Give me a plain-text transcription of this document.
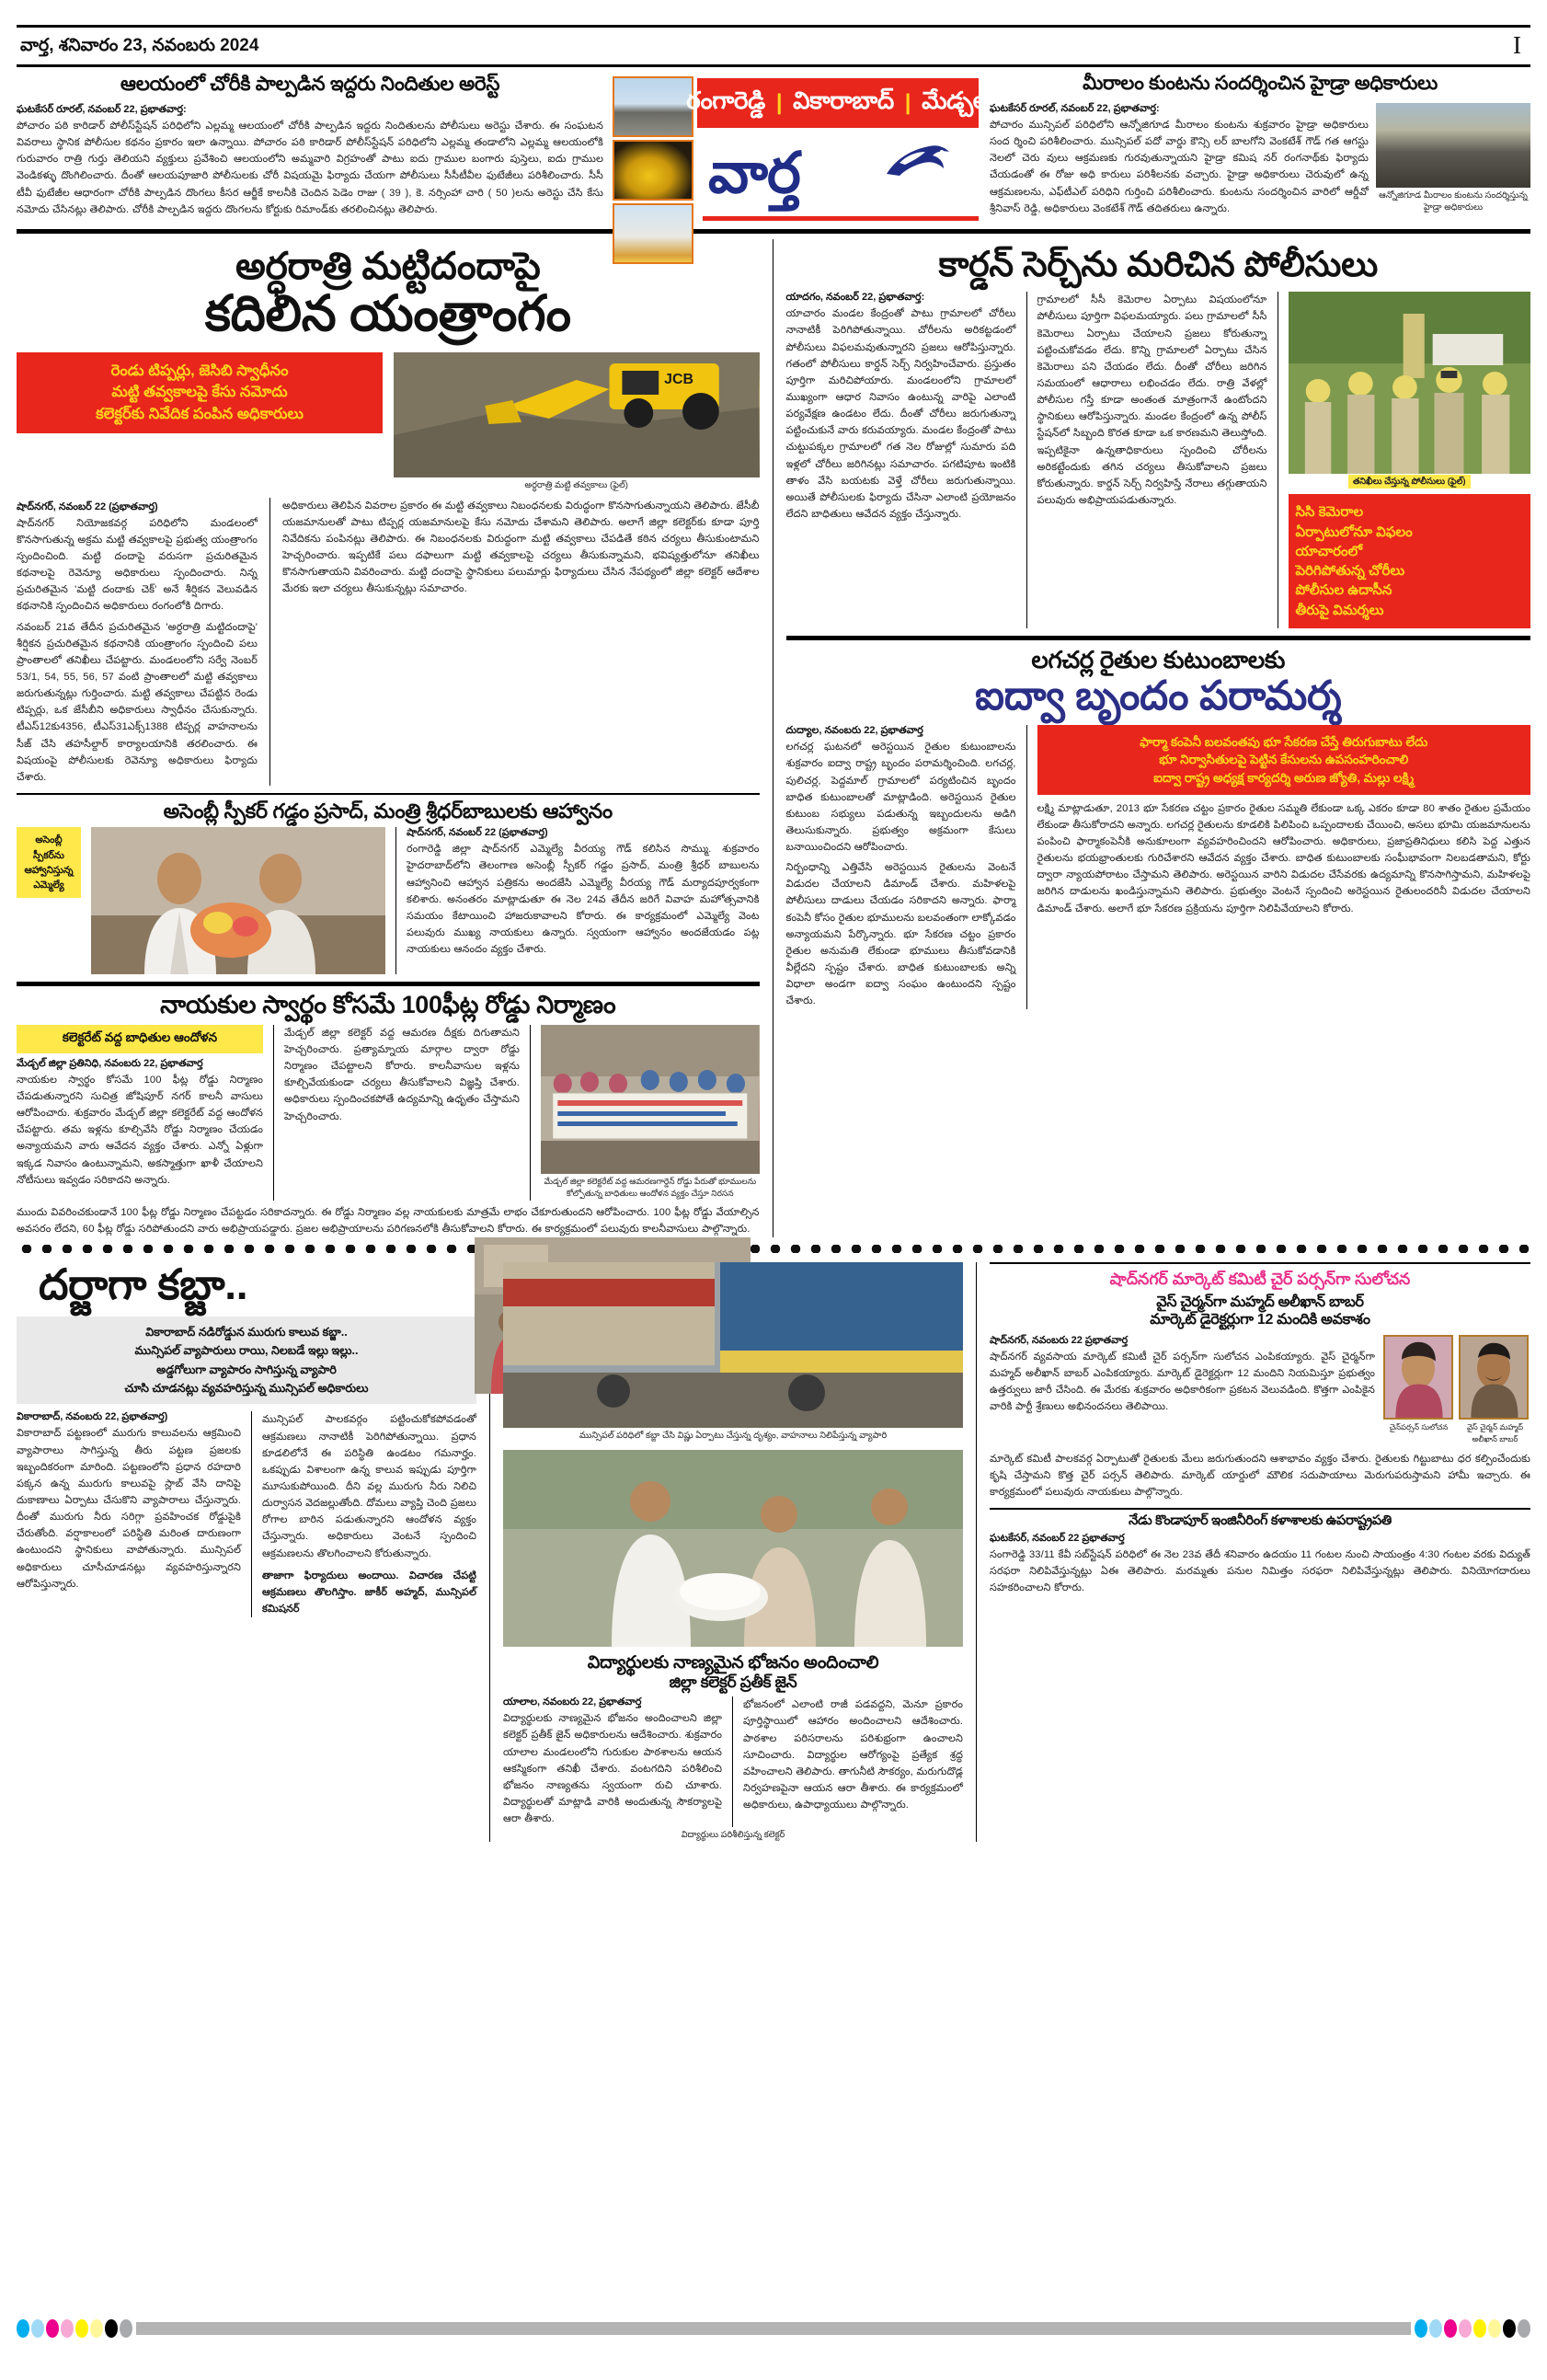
వార్త, శనివారం 23, నవంబరు 2024	I
ఆలయంలో చోరీకి పాల్పడిన ఇద్దరు నిందితుల అరెస్ట్
ఘటకేసర్ రూరల్, నవంబర్ 22, ప్రభాతవార్త:
పోచారం పఠి కారిడార్ పోలీస్‌స్టేషన్ పరిధిలోని ఎల్లమ్మ ఆలయంలో చోరీకి పాల్పడిన ఇద్దరు నిందితులను పోలీసులు అరెస్టు చేశారు. ఈ సంఘటన వివరాలు స్థానిక పోలీసుల కథనం ప్రకారం ఇలా ఉన్నాయి. పోచారం పఠి కారిడార్ పోలీస్‌స్టేషన్ పరిధిలోని ఎల్లమ్మ తండాలోని ఎల్లమ్మ ఆలయంలోకి గురువారం రాత్రి గుర్తు తెలియని వ్యక్తులు ప్రవేశించి ఆలయంలోని అమ్మవారి విగ్రహంతో పాటు ఐదు గ్రాముల బంగారు పుస్తెలు, ఐదు గ్రాముల వెండికళ్ళు దొంగిలించారు. దీంతో ఆలయపూజారి పోలీసులకు చోరీ విషయమై ఫిర్యాదు చేయగా పోలీసులు సీసీటీవీల ఫుటేజీలు పరిశీలించారు. సీసీ టీవీ ఫుటేజీల ఆధారంగా చోరీకి పాల్పడిన దొంగలు కీసర ఆర్జీకే కాలనీకి చెందిన పెడెం రాజు ( 39 ), కె. నర్సింహా చారి ( 50 )లను అరెస్టు చేసి కేసు నమోదు చేసినట్లు తెలిపారు. చోరీకి పాల్పడిన ఇద్దరు దొంగలను కోర్టుకు రిమాండ్‌కు తరలించినట్లు తెలిపారు.
రంగారెడ్డి | వికారాబాద్ | మేడ్చల్
వార్త
మీరాలం కుంటను సందర్శించిన హైడ్రా అధికారులు
ఘటకేసర్ రూరల్, నవంబర్ 22, ప్రభాతవార్త:
పోచారం మున్సిపల్ పరిధిలోని ఆన్నోజిగూడ మీరాలం కుంటను శుక్రవారం హైడ్రా అధికారులు సంద ర్శించి పరిశీలించారు. మున్సిపల్ పదో వార్డు కౌన్సి లర్ బాలగోని వెంకటేశ్ గౌడ్ గత ఆగస్టు నెలలో చెరు వులు ఆక్రమణకు గురవుతున్నాయని హైడ్రా కమిష నర్ రంగనాథ్‌కు ఫిర్యాదు చేయడంతో ఈ రోజు అధి కారులు పరిశీలనకు వచ్చారు. హైడ్రా అధికారులు చెరువులో ఉన్న ఆక్రమణలను, ఎఫ్‌టీఎల్ పరిధిని గుర్తించి పరిశీలించారు. కుంటను సందర్శించిన వారిలో ఆర్డీవో శ్రీనివాస్ రెడ్డి, అధికారులు వెంకటేశ్ గౌడ్ తదితరులు ఉన్నారు.
ఆన్నోజిగూడ మీరాలం కుంటను సందర్శిస్తున్న హైడ్రా అధికారులు
అర్ధరాత్రి మట్టిదందాపై
కదిలిన యంత్రాంగం
రెండు టిప్పర్లు, జెసిబి స్వాధీనం
మట్టి తవ్వకాలపై కేసు నమోదు
కలెక్టర్‌కు నివేదిక పంపిన అధికారులు
JCB
అర్ధరాత్రి మట్టి తవ్వకాలు (ఫైల్)
షాద్‌నగర్, నవంబర్ 22 (ప్రభాతవార్త)
షాద్‌నగర్ నియోజకవర్గ పరిధిలోని మండలంలో కొనసాగుతున్న అక్రమ మట్టి తవ్వకాలపై ప్రభుత్వ యంత్రాంగం స్పందించింది. మట్టి దందాపై వరుసగా ప్రచురితమైన కథనాలపై రెవెన్యూ అధికారులు స్పందించారు. నిన్న ప్రచురితమైన 'మట్టి దందాకు చెక్' అనే శీర్షికన వెలువడిన కథనానికి స్పందించిన అధికారులు రంగంలోకి దిగారు.
నవంబర్ 21వ తేదీన ప్రచురితమైన 'అర్ధరాత్రి మట్టిదందాపై' శీర్షికన ప్రచురితమైన కథనానికి యంత్రాంగం స్పందించి పలు ప్రాంతాలలో తనిఖీలు చేపట్టారు. మండలంలోని సర్వే నెంబర్ 53/1, 54, 55, 56, 57 వంటి ప్రాంతాలలో మట్టి తవ్వకాలు జరుగుతున్నట్లు గుర్తించారు. మట్టి తవ్వకాలు చేపట్టిన రెండు టిప్పర్లు, ఒక జేసీబీని అధికారులు స్వాధీనం చేసుకున్నారు. టీఎస్12కు4356, టీఎస్31ఎక్స్1388 టిప్పర్ల వాహనాలను సీజ్ చేసి తహసీల్దార్ కార్యాలయానికి తరలించారు. ఈ విషయంపై పోలీసులకు రెవెన్యూ అధికారులు ఫిర్యాదు చేశారు.
అధికారులు తెలిపిన వివరాల ప్రకారం ఈ మట్టి తవ్వకాలు నిబంధనలకు విరుద్ధంగా కొనసాగుతున్నాయని తెలిపారు. జేసీబీ యజమానులతో పాటు టిప్పర్ల యజమానులపై కేసు నమోదు చేశామని తెలిపారు. అలాగే జిల్లా కలెక్టర్‌కు కూడా పూర్తి నివేదికను పంపినట్లు తెలిపారు. ఈ నిబంధనలకు విరుద్ధంగా మట్టి తవ్వకాలు చేపడితే కఠిన చర్యలు తీసుకుంటామని హెచ్చరించారు. ఇప్పటికే పలు దఫాలుగా మట్టి తవ్వకాలపై చర్యలు తీసుకున్నామని, భవిష్యత్తులోనూ తనిఖీలు కొనసాగుతాయని వివరించారు. మట్టి దందాపై స్థానికులు పలుమార్లు ఫిర్యాదులు చేసిన నేపథ్యంలో జిల్లా కలెక్టర్ ఆదేశాల మేరకు ఇలా చర్యలు తీసుకున్నట్లు సమాచారం.
అసెంబ్లీ స్పీకర్ గడ్డం ప్రసాద్, మంత్రి శ్రీధర్‌బాబులకు ఆహ్వానం
అసెంబ్లీ
స్పీకర్‌ను
ఆహ్వానిస్తున్న
ఎమ్మెల్యే
షాద్‌నగర్, నవంబర్ 22 (ప్రభాతవార్త)
రంగారెడ్డి జిల్లా షాద్‌నగర్ ఎమ్మెల్యే వీరయ్య గౌడ్ కలిసిన సొమ్ము. శుక్రవారం హైదరాబాద్‌లోని తెలంగాణ అసెంబ్లీ స్పీకర్ గడ్డం ప్రసాద్, మంత్రి శ్రీధర్ బాబులను ఆహ్వానించి ఆహ్వాన పత్రికను అందజేసి ఎమ్మెల్యే వీరయ్య గౌడ్ మర్యాదపూర్వకంగా కలిశారు. అనంతరం మాట్లాడుతూ ఈ నెల 24వ తేదీన జరిగే వివాహ మహోత్సవానికి సమయం కేటాయించి హాజరుకావాలని కోరారు. ఈ కార్యక్రమంలో ఎమ్మెల్యే వెంట పలువురు ముఖ్య నాయకులు ఉన్నారు. స్వయంగా ఆహ్వానం అందజేయడం పట్ల నాయకులు ఆనందం వ్యక్తం చేశారు.
నాయకుల స్వార్థం కోసమే 100ఫీట్ల రోడ్డు నిర్మాణం
కలెక్టరేట్ వద్ద బాధితుల ఆందోళన
మేడ్చల్ జిల్లా ప్రతినిధి, నవంబరు 22, ప్రభాతవార్త
నాయకుల స్వార్థం కోసమే 100 ఫీట్ల రోడ్డు నిర్మాణం చేపడుతున్నారని సుచిత్ర జోషిపూర్ నగర్ కాలనీ వాసులు ఆరోపించారు. శుక్రవారం మేడ్చల్ జిల్లా కలెక్టరేట్ వద్ద ఆందోళన చేపట్టారు. తమ ఇళ్లను కూల్చివేసి రోడ్డు నిర్మాణం చేయడం అన్యాయమని వారు ఆవేదన వ్యక్తం చేశారు. ఎన్నో ఏళ్లుగా ఇక్కడ నివాసం ఉంటున్నామని, అకస్మాత్తుగా ఖాళీ చేయాలని నోటీసులు ఇవ్వడం సరికాదని అన్నారు.
మేడ్చల్ జిల్లా కలెక్టర్ వద్ద ఆమరణ దీక్షకు దిగుతామని హెచ్చరించారు. ప్రత్యామ్నాయ మార్గాల ద్వారా రోడ్డు నిర్మాణం చేపట్టాలని కోరారు. కాలనీవాసుల ఇళ్లను కూల్చివేయకుండా చర్యలు తీసుకోవాలని విజ్ఞప్తి చేశారు. అధికారులు స్పందించకపోతే ఉద్యమాన్ని ఉధృతం చేస్తామని హెచ్చరించారు.
మేడ్చల్ జిల్లా కలెక్టరేట్ వద్ద ఆమరణగార్డెన్ రోడ్డు పేరుతో భూములను కోల్పోతున్న బాధితులు ఆందోళన వ్యక్తం చేస్తూ నిరసన
ముందు వివరించకుండానే 100 ఫీట్ల రోడ్డు నిర్మాణం చేపట్టడం సరికాదన్నారు. ఈ రోడ్డు నిర్మాణం వల్ల నాయకులకు మాత్రమే లాభం చేకూరుతుందని ఆరోపించారు. 100 ఫీట్ల రోడ్డు వేయాల్సిన అవసరం లేదని, 60 ఫీట్ల రోడ్డు సరిపోతుందని వారు అభిప్రాయపడ్డారు. ప్రజల అభిప్రాయాలను పరిగణనలోకి తీసుకోవాలని కోరారు. ఈ కార్యక్రమంలో పలువురు కాలనీవాసులు పాల్గొన్నారు.
కార్డన్ సెర్చ్‌ను మరిచిన పోలీసులు
యాదగం, నవంబర్ 22, ప్రభాతవార్త:
యాచారం మండల కేంద్రంతో పాటు గ్రామాలలో చోరీలు నానాటికీ పెరిగిపోతున్నాయి. చోరీలను అరికట్టడంలో పోలీసులు విఫలమవుతున్నారని ప్రజలు ఆరోపిస్తున్నారు. గతంలో పోలీసులు కార్డన్ సెర్చ్ నిర్వహించేవారు. ప్రస్తుతం పూర్తిగా మరిచిపోయారు. మండలంలోని గ్రామాలలో ముఖ్యంగా ఆధార నివాసం ఉంటున్న వారిపై ఎలాంటి పర్యవేక్షణ ఉండటం లేదు. దీంతో చోరీలు జరుగుతున్నా పట్టించుకునే వారు కరువయ్యారు. మండల కేంద్రంతో పాటు చుట్టుపక్కల గ్రామాలలో గత నెల రోజుల్లో సుమారు పది ఇళ్లలో చోరీలు జరిగినట్లు సమాచారం. పగటిపూట ఇంటికి తాళం వేసి బయటకు వెళ్తే చోరీలు జరుగుతున్నాయి. అయితే పోలీసులకు ఫిర్యాదు చేసినా ఎలాంటి ప్రయోజనం లేదని బాధితులు ఆవేదన వ్యక్తం చేస్తున్నారు.
గ్రామాలలో సీసీ కెమెరాల ఏర్పాటు విషయంలోనూ పోలీసులు పూర్తిగా విఫలమయ్యారు. పలు గ్రామాలలో సీసీ కెమెరాలు ఏర్పాటు చేయాలని ప్రజలు కోరుతున్నా పట్టించుకోవడం లేదు. కొన్ని గ్రామాలలో ఏర్పాటు చేసిన కెమెరాలు పని చేయడం లేదు. దీంతో చోరీలు జరిగిన సమయంలో ఆధారాలు లభించడం లేదు. రాత్రి వేళల్లో పోలీసుల గస్తీ కూడా అంతంత మాత్రంగానే ఉంటోందని స్థానికులు ఆరోపిస్తున్నారు. మండల కేంద్రంలో ఉన్న పోలీస్ స్టేషన్‌లో సిబ్బంది కొరత కూడా ఒక కారణమని తెలుస్తోంది. ఇప్పటికైనా ఉన్నతాధికారులు స్పందించి చోరీలను అరికట్టేందుకు తగిన చర్యలు తీసుకోవాలని ప్రజలు కోరుతున్నారు. కార్డన్ సెర్చ్ నిర్వహిస్తే నేరాలు తగ్గుతాయని పలువురు అభిప్రాయపడుతున్నారు.
తనిఖీలు చేస్తున్న పోలీసులు (ఫైల్)
సిసి కెమెరాల
ఏర్పాటులోనూ విఫలం
యాచారంలో
పెరిగిపోతున్న చోరీలు
పోలీసుల ఉదాసీన
తీరుపై విమర్శలు
లగచర్ల రైతుల కుటుంబాలకు
ఐద్వా బృందం పరామర్శ
దుద్యాల, నవంబరు 22, ప్రభాతవార్త
లగచర్ల ఘటనలో అరెస్టయిన రైతుల కుటుంబాలను శుక్రవారం ఐద్వా రాష్ట్ర బృందం పరామర్శించింది. లగచర్ల, పులిచర్ల, పెద్దమాల్ గ్రామాలలో పర్యటించిన బృందం బాధిత కుటుంబాలతో మాట్లాడింది. అరెస్టయిన రైతుల కుటుంబ సభ్యులు పడుతున్న ఇబ్బందులను అడిగి తెలుసుకున్నారు. ప్రభుత్వం అక్రమంగా కేసులు బనాయించిందని ఆరోపించారు.
నిర్బంధాన్ని ఎత్తివేసి అరెస్టయిన రైతులను వెంటనే విడుదల చేయాలని డిమాండ్ చేశారు. మహిళలపై పోలీసులు దాడులు చేయడం సరికాదని అన్నారు. ఫార్మా కంపెనీ కోసం రైతుల భూములను బలవంతంగా లాక్కోవడం అన్యాయమని పేర్కొన్నారు. భూ సేకరణ చట్టం ప్రకారం రైతుల అనుమతి లేకుండా భూములు తీసుకోవడానికి వీల్లేదని స్పష్టం చేశారు. బాధిత కుటుంబాలకు అన్ని విధాలా అండగా ఐద్వా సంఘం ఉంటుందని స్పష్టం చేశారు.
ఫార్మా కంపెనీ బలవంతపు భూ సేకరణ చేస్తే తిరుగుబాటు లేదు
భూ నిర్వాసితులపై పెట్టిన కేసులను ఉపసంహరించాలి
ఐద్వా రాష్ట్ర అధ్యక్ష కార్యదర్శి అరుణ జ్యోతి, మల్లు లక్ష్మి
లక్ష్మి మాట్లాడుతూ, 2013 భూ సేకరణ చట్టం ప్రకారం రైతుల సమ్మతి లేకుండా ఒక్క ఎకరం కూడా 80 శాతం రైతుల ప్రమేయం లేకుండా తీసుకోరాదని అన్నారు. లగచర్ల రైతులను కూడలికి పిలిపించి ఒప్పందాలకు చేయించి, అసలు భూమి యజమానులను పంపించి ఫార్మాకంపెనీకి అనుకూలంగా వ్యవహరించిందని ఆరోపించారు. అధికారులు, ప్రజాప్రతినిధులు కలిసి పెద్ద ఎత్తున రైతులను భయభ్రాంతులకు గురిచేశారని ఆవేదన వ్యక్తం చేశారు. బాధిత కుటుంబాలకు సంఘీభావంగా నిలబడతామని, కోర్టు ద్వారా న్యాయపోరాటం చేస్తామని తెలిపారు. అరెస్టయిన వారిని విడుదల చేసేవరకు ఉద్యమాన్ని కొనసాగిస్తామని, మహిళలపై జరిగిన దాడులను ఖండిస్తున్నామని తెలిపారు. ప్రభుత్వం వెంటనే స్పందించి అరెస్టయిన రైతులందరినీ విడుదల చేయాలని డిమాండ్ చేశారు. అలాగే భూ సేకరణ ప్రక్రియను పూర్తిగా నిలిపివేయాలని కోరారు.
దర్జాగా కబ్జా..
వికారాబాద్ నడిరోడ్డున మురుగు కాలువ కబ్జా..
మున్సిపల్ వ్యాపారులు రాయి, నిలబడే ఇల్లు ఇల్లు..
అడ్డగోలుగా వ్యాపారం సాగిస్తున్న వ్యాపారి
చూసి చూడనట్లు వ్యవహరిస్తున్న మున్సిపల్ అధికారులు
వికారాబాద్, నవంబరు 22, ప్రభాతవార్త)
వికారాబాద్ పట్టణంలో మురుగు కాలువలను ఆక్రమించి వ్యాపారాలు సాగిస్తున్న తీరు పట్టణ ప్రజలకు ఇబ్బందికరంగా మారింది. పట్టణంలోని ప్రధాన రహదారి పక్కన ఉన్న మురుగు కాలువపై స్లాబ్ వేసి దానిపై దుకాణాలు ఏర్పాటు చేసుకొని వ్యాపారాలు చేస్తున్నారు. దీంతో మురుగు నీరు సరిగ్గా ప్రవహించక రోడ్డుపైకి చేరుతోంది. వర్షాకాలంలో పరిస్థితి మరింత దారుణంగా ఉంటుందని స్థానికులు వాపోతున్నారు. మున్సిపల్ అధికారులు చూసీచూడనట్లు వ్యవహరిస్తున్నారని ఆరోపిస్తున్నారు.
మున్సిపల్ పాలకవర్గం పట్టించుకోకపోవడంతో ఆక్రమణలు నానాటికీ పెరిగిపోతున్నాయి. ప్రధాన కూడలిలోనే ఈ పరిస్థితి ఉండటం గమనార్హం. ఒకప్పుడు విశాలంగా ఉన్న కాలువ ఇప్పుడు పూర్తిగా మూసుకుపోయింది. దీని వల్ల మురుగు నీరు నిలిచి దుర్వాసన వెదజల్లుతోంది. దోమలు వ్యాప్తి చెంది ప్రజలు రోగాల బారిన పడుతున్నారని ఆందోళన వ్యక్తం చేస్తున్నారు. అధికారులు వెంటనే స్పందించి ఆక్రమణలను తొలగించాలని కోరుతున్నారు.
తాజాగా ఫిర్యాదులు అందాయి. విచారణ చేపట్టి ఆక్రమణలు తొలగిస్తాం. జాకీర్ అహ్మద్, మున్సిపల్ కమిషనర్
మున్సిపల్ పరిధిలో కబ్జా చేసి విష్ణు ఏర్పాటు చేస్తున్న దృశ్యం, వాహనాలు నిలిపేస్తున్న వ్యాపారి
విద్యార్థులకు నాణ్యమైన భోజనం అందించాలి
జిల్లా కలెక్టర్ ప్రతీక్ జైన్
యాలాల, నవంబరు 22, ప్రభాతవార్త
విద్యార్థులకు నాణ్యమైన భోజనం అందించాలని జిల్లా కలెక్టర్ ప్రతీక్ జైన్ అధికారులను ఆదేశించారు. శుక్రవారం యాలాల మండలంలోని గురుకుల పాఠశాలను ఆయన ఆకస్మికంగా తనిఖీ చేశారు. వంటగదిని పరిశీలించి భోజనం నాణ్యతను స్వయంగా రుచి చూశారు. విద్యార్థులతో మాట్లాడి వారికి అందుతున్న సౌకర్యాలపై ఆరా తీశారు.
భోజనంలో ఎలాంటి రాజీ పడవద్దని, మెనూ ప్రకారం పూర్తిస్థాయిలో ఆహారం అందించాలని ఆదేశించారు. పాఠశాల పరిసరాలను పరిశుభ్రంగా ఉంచాలని సూచించారు. విద్యార్థుల ఆరోగ్యంపై ప్రత్యేక శ్రద్ధ వహించాలని తెలిపారు. తాగునీటి సౌకర్యం, మరుగుదొడ్ల నిర్వహణపైనా ఆయన ఆరా తీశారు. ఈ కార్యక్రమంలో అధికారులు, ఉపాధ్యాయులు పాల్గొన్నారు.
విద్యార్థులు పరిశీలిస్తున్న కలెక్టర్
షాద్‌నగర్ మార్కెట్ కమిటీ చైర్ పర్సన్‌గా సులోచన
వైస్ చైర్మన్‌గా మహ్మద్ అలీఖాన్ బాబర్
మార్కెట్ డైరెక్టర్లుగా 12 మందికి అవకాశం
షాద్‌నగర్, నవంబరు 22 ప్రభాతవార్త
షాద్‌నగర్ వ్యవసాయ మార్కెట్ కమిటీ చైర్ పర్సన్‌గా సులోచన ఎంపికయ్యారు. వైస్ చైర్మన్‌గా మహ్మద్ అలీఖాన్ బాబర్ ఎంపికయ్యారు. మార్కెట్ డైరెక్టర్లుగా 12 మందిని నియమిస్తూ ప్రభుత్వం ఉత్తర్వులు జారీ చేసింది. ఈ మేరకు శుక్రవారం అధికారికంగా ప్రకటన వెలువడింది. కొత్తగా ఎంపికైన వారికి పార్టీ శ్రేణులు అభినందనలు తెలిపాయి.
చైన్‌పర్సన్ సులోచన	వైస్ చైర్మన్ మహ్మద్ అలీఖాన్ బాబర్
మార్కెట్ కమిటీ పాలకవర్గ ఏర్పాటుతో రైతులకు మేలు జరుగుతుందని ఆశాభావం వ్యక్తం చేశారు. రైతులకు గిట్టుబాటు ధర కల్పించేందుకు కృషి చేస్తామని కొత్త చైర్ పర్సన్ తెలిపారు. మార్కెట్ యార్డులో మౌలిక సదుపాయాలు మెరుగుపరుస్తామని హామీ ఇచ్చారు. ఈ కార్యక్రమంలో పలువురు నాయకులు పాల్గొన్నారు.
నేడు కొండాపూర్ ఇంజినీరింగ్ కళాశాలకు ఉపరాష్ట్రపతి
ఘటకేసర్, నవంబర్ 22 ప్రభాతవార్త
సంగారెడ్డి 33/11 కేవీ సబ్‌స్టేషన్ పరిధిలో ఈ నెల 23వ తేదీ శనివారం ఉదయం 11 గంటల నుంచి సాయంత్రం 4:30 గంటల వరకు విద్యుత్ సరఫరా నిలిపివేస్తున్నట్లు ఏఈ తెలిపారు. మరమ్మతు పనుల నిమిత్తం సరఫరా నిలిపివేస్తున్నట్లు తెలిపారు. వినియోగదారులు సహకరించాలని కోరారు.
